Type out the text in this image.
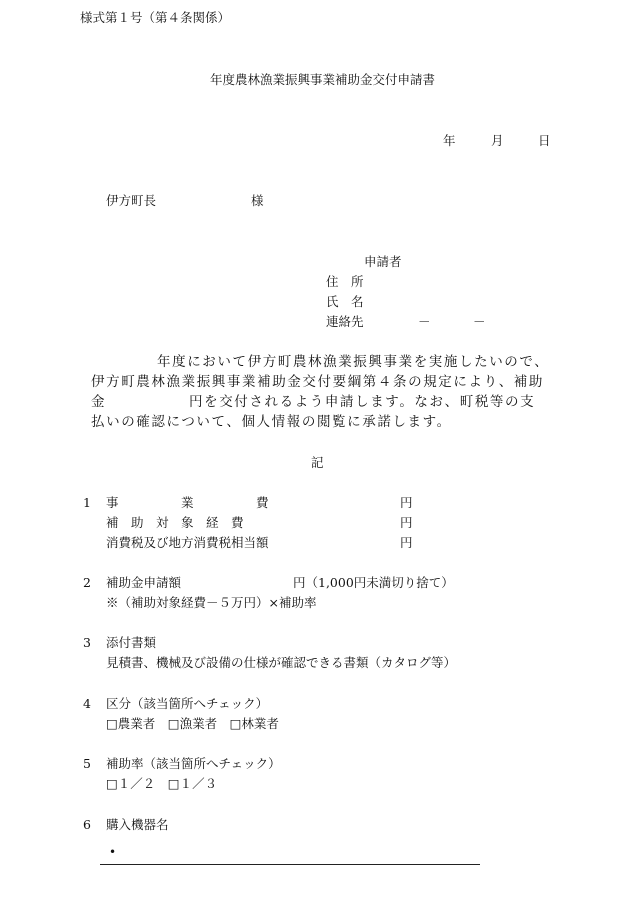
様式第１号（第４条関係）
年度農林漁業振興事業補助金交付申請書
年	月	日
伊方町長	様
申請者
住　所
氏　名
連絡先	－	－
年度において伊方町農林漁業振興事業を実施したいので、
伊方町農林漁業振興事業補助金交付要綱第４条の規定により、補助
金	円を交付されるよう申請します。なお、町税等の支
払いの確認について、個人情報の閲覧に承諾します。
記
1 事　　　　　業　　　　　費	円
補　助　対　象　経　費	円
消費税及び地方消費税相当額	円
2 補助金申請額	円（1,000円未満切り捨て）
※（補助対象経費－５万円）×補助率
3 添付書類
見積書、機械及び設備の仕様が確認できる書類（カタログ等）
4 区分（該当箇所へチェック）
□農業者　□漁業者　□林業者
5 補助率（該当箇所へチェック）
□１／２　□１／３
6 購入機器名
•
